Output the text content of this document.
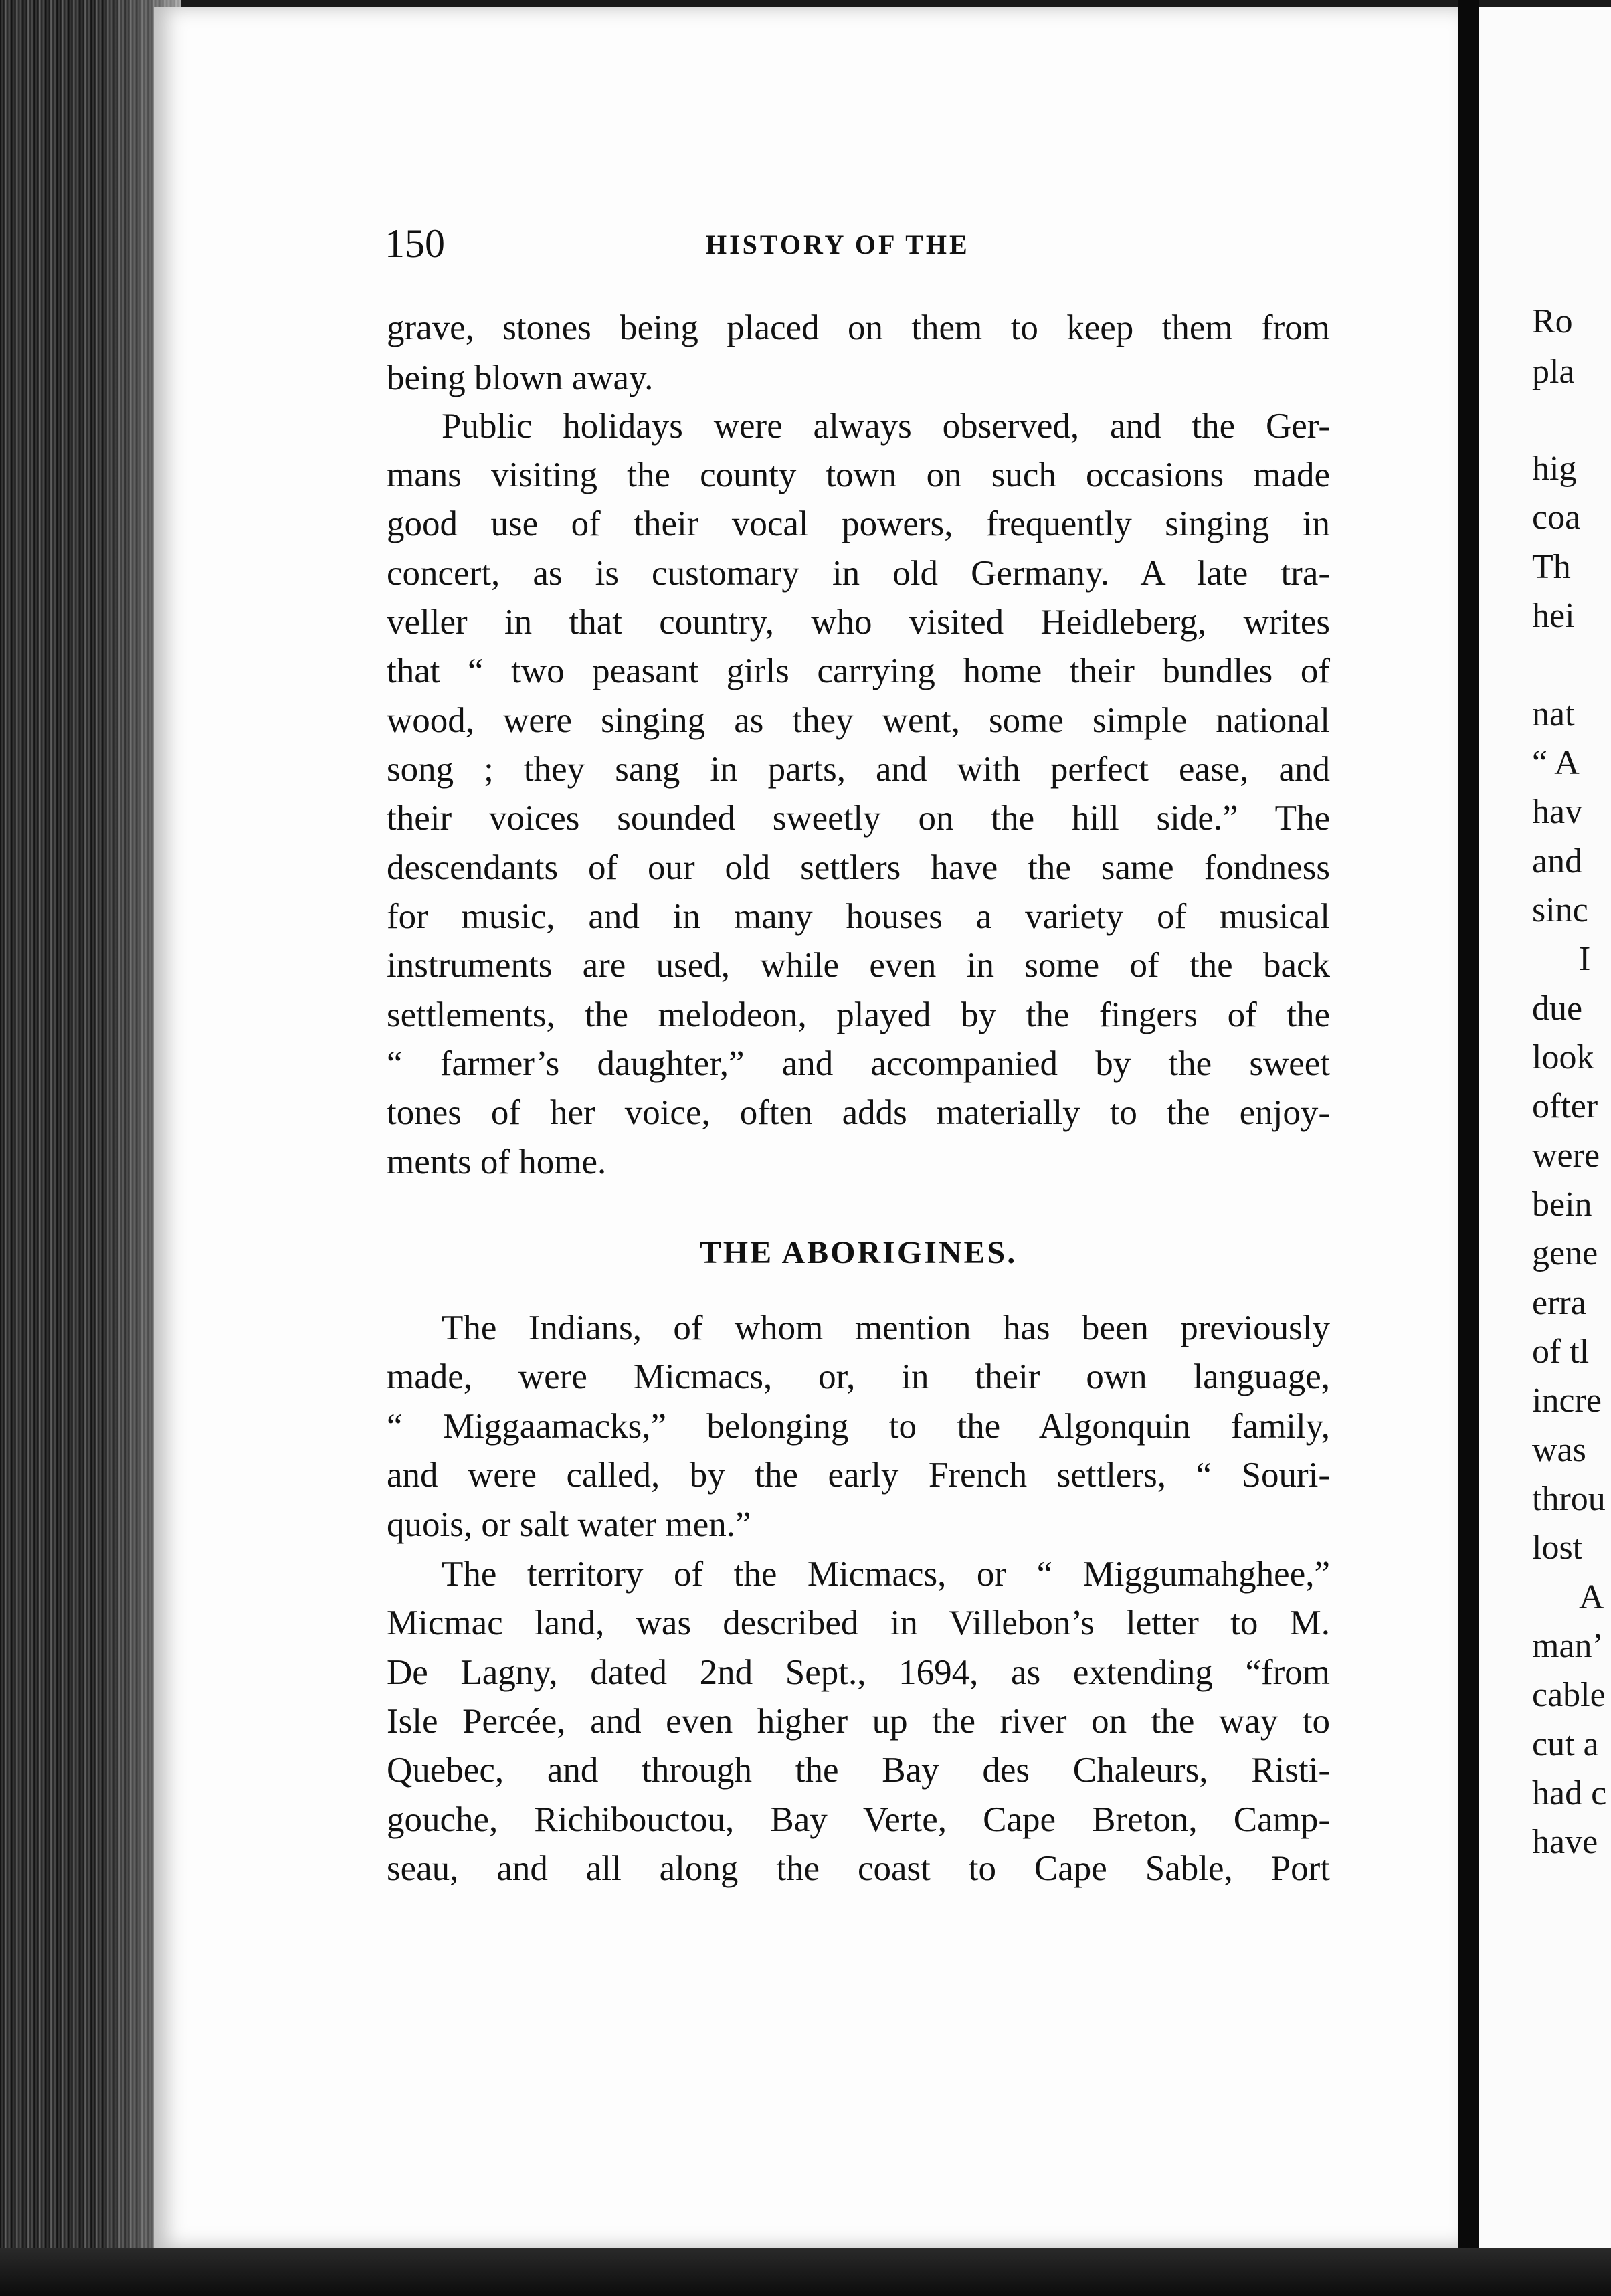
Ro
pla
hig
coa
Th
hei
nat
“ A
hav
and
sinc
I
due
look
ofter
were
bein
gene
erra
of tl
incre
was
throu
lost
A
man’
cable
cut a
had c
have
150	HISTORY OF THE
grave, stones being placed on them to keep them from
being blown away.
Public holidays were always observed, and the Ger-
mans visiting the county town on such occasions made
good use of their vocal powers, frequently singing in
concert, as is customary in old Germany. A late tra-
veller in that country, who visited Heidleberg, writes
that “ two peasant girls carrying home their bundles of
wood, were singing as they went, some simple national
song ; they sang in parts, and with perfect ease, and
their voices sounded sweetly on the hill side.” The
descendants of our old settlers have the same fondness
for music, and in many houses a variety of musical
instruments are used, while even in some of the back
settlements, the melodeon, played by the fingers of the
“ farmer’s daughter,” and accompanied by the sweet
tones of her voice, often adds materially to the enjoy-
ments of home.
The Indians, of whom mention has been previously
made, were Micmacs, or, in their own language,
“ Miggaamacks,” belonging to the Algonquin family,
and were called, by the early French settlers, “ Souri-
quois, or salt water men.”
The territory of the Micmacs, or “ Miggumahghee,”
Micmac land, was described in Villebon’s letter to M.
De Lagny, dated 2nd Sept., 1694, as extending “from
Isle Percée, and even higher up the river on the way to
Quebec, and through the Bay des Chaleurs, Risti-
gouche, Richibouctou, Bay Verte, Cape Breton, Camp-
seau, and all along the coast to Cape Sable, Port
THE ABORIGINES.
